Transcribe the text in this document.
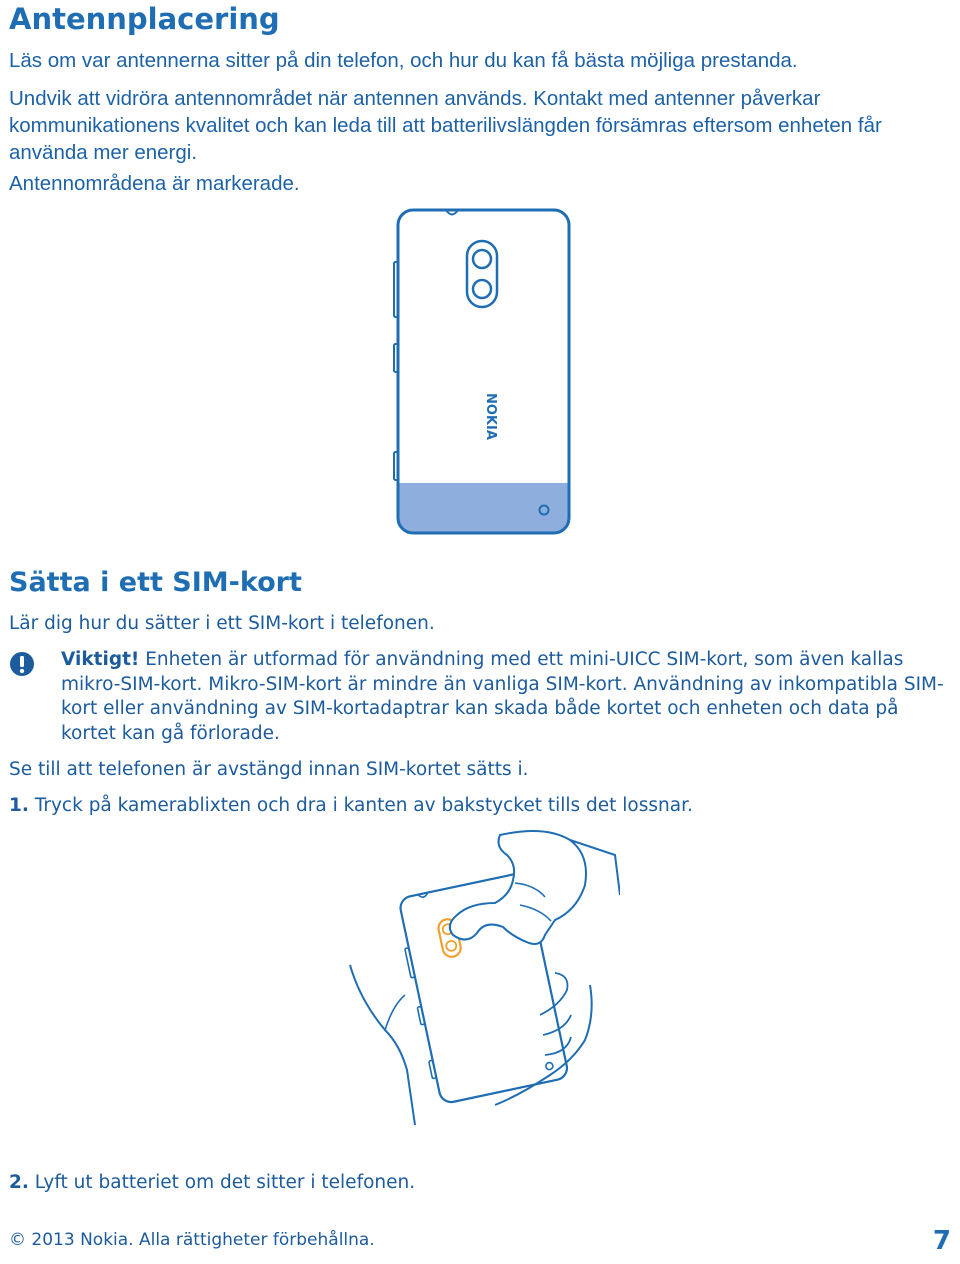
Antennplacering

Läs om var antennerna sitter på din telefon, och hur du kan få bästa möjliga prestanda.

Undvik att vidröra antennområdet när antennen används. Kontakt med antenner påverkar kommunikationens kvalitet och kan leda till att batterilivslängden försämras eftersom enheten får använda mer energi.

Antennområdena är markerade.

NOKIA
Sätta i ett SIM-kort

Lär dig hur du sätter i ett SIM-kort i telefonen.

Viktigt! Enheten är utformad för användning med ett mini-UICC SIM-kort, som även kallas mikro-SIM-kort. Mikro-SIM-kort är mindre än vanliga SIM-kort. Användning av inkompatibla SIM-kort eller användning av SIM-kortadaptrar kan skada både kortet och enheten och data på kortet kan gå förlorade.

Se till att telefonen är avstängd innan SIM-kortet sätts i.

1. Tryck på kamerablixten och dra i kanten av bakstycket tills det lossnar.

2. Lyft ut batteriet om det sitter i telefonen.

© 2013 Nokia. Alla rättigheter förbehållna.	7
